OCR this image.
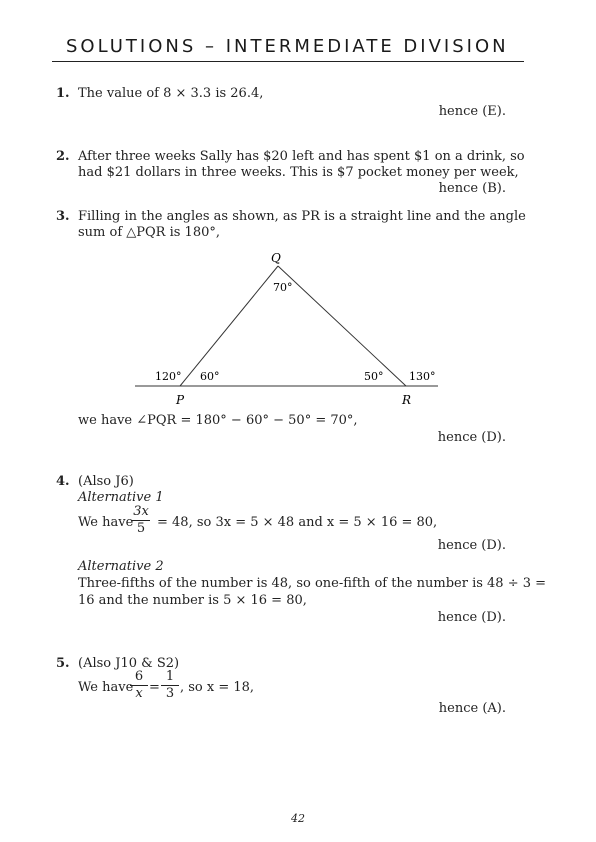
SOLUTIONS – INTERMEDIATE DIVISION
1. The value of 8 × 3.3 is 26.4,
hence (E).
2. After three weeks Sally has $20 left and has spent $1 on a drink, so
had $21 dollars in three weeks. This is $7 pocket money per week,
hence (B).
3. Filling in the angles as shown, as PR is a straight line and the angle
sum of △PQR is 180°,
Q
70°
120° 60°	50° 130°
P	R
we have ∠PQR = 180° − 60° − 50° = 70°,
hence (D).
4. (Also J6)
Alternative 1
We have
3x
5 = 48, so 3x = 5 × 48 and x = 5 × 16 = 80,
hence (D).
Alternative 2
Three-fifths of the number is 48, so one-fifth of the number is 48 ÷ 3 =
16 and the number is 5 × 16 = 80,
hence (D).
5. (Also J10 & S2)
We have
6
x =
1
3 , so x = 18,
hence (A).
42
